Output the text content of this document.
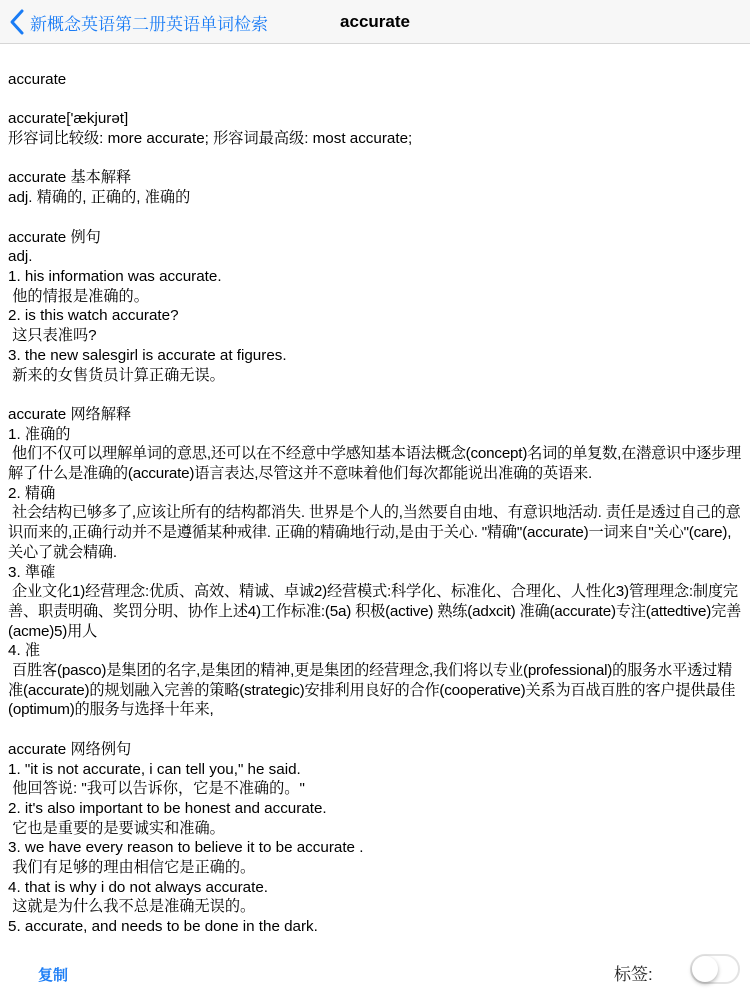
新概念英语第二册英语单词检索	accurate

accurate

accurate['ækjurət]

形容词比较级: more accurate; 形容词最高级: most accurate;

accurate 基本解释

adj. 精确的, 正确的, 准确的

accurate 例句

adj.

1. his information was accurate.

他的情报是准确的。

2. is this watch accurate?

这只表准吗?

3. the new salesgirl is accurate at figures.

新来的女售货员计算正确无误。

accurate 网络解释

1. 准确的

他们不仅可以理解单词的意思,还可以在不经意中学感知基本语法概念(concept)名词的单复数,在潜意识中逐步理解了什么是准确的(accurate)语言表达,尽管这并不意味着他们每次都能说出准确的英语来.

2. 精确

社会结构已够多了,应该让所有的结构都消失. 世界是个人的,当然要自由地、有意识地活动. 责任是透过自己的意识而来的,正确行动并不是遵循某种戒律. 正确的精确地行动,是由于关心. "精确"(accurate)一词来自"关心"(care),关心了就会精确.

3. 準確

企业文化1)经营理念:优质、高效、精诚、卓诚2)经营模式:科学化、标准化、合理化、人性化3)管理理念:制度完善、职责明确、奖罚分明、协作上述4)工作标准:(5a) 积极(active) 熟练(adxcit) 准确(accurate)专注(attedtive)完善(acme)5)用人

4. 准

百胜客(pasco)是集团的名字,是集团的精神,更是集团的经营理念,我们将以专业(professional)的服务水平透过精准(accurate)的规划融入完善的策略(strategic)安排利用良好的合作(cooperative)关系为百战百胜的客户提供最佳(optimum)的服务与选择十年来,

accurate 网络例句

1. "it is not accurate, i can tell you," he said.

他回答说: "我可以告诉你，它是不准确的。"

2. it's also important to be honest and accurate.

它也是重要的是要诚实和准确。

3. we have every reason to believe it to be accurate .

我们有足够的理由相信它是正确的。

4. that is why i do not always accurate.

这就是为什么我不总是准确无误的。

5. accurate, and needs to be done in the dark.

复制	标签:
